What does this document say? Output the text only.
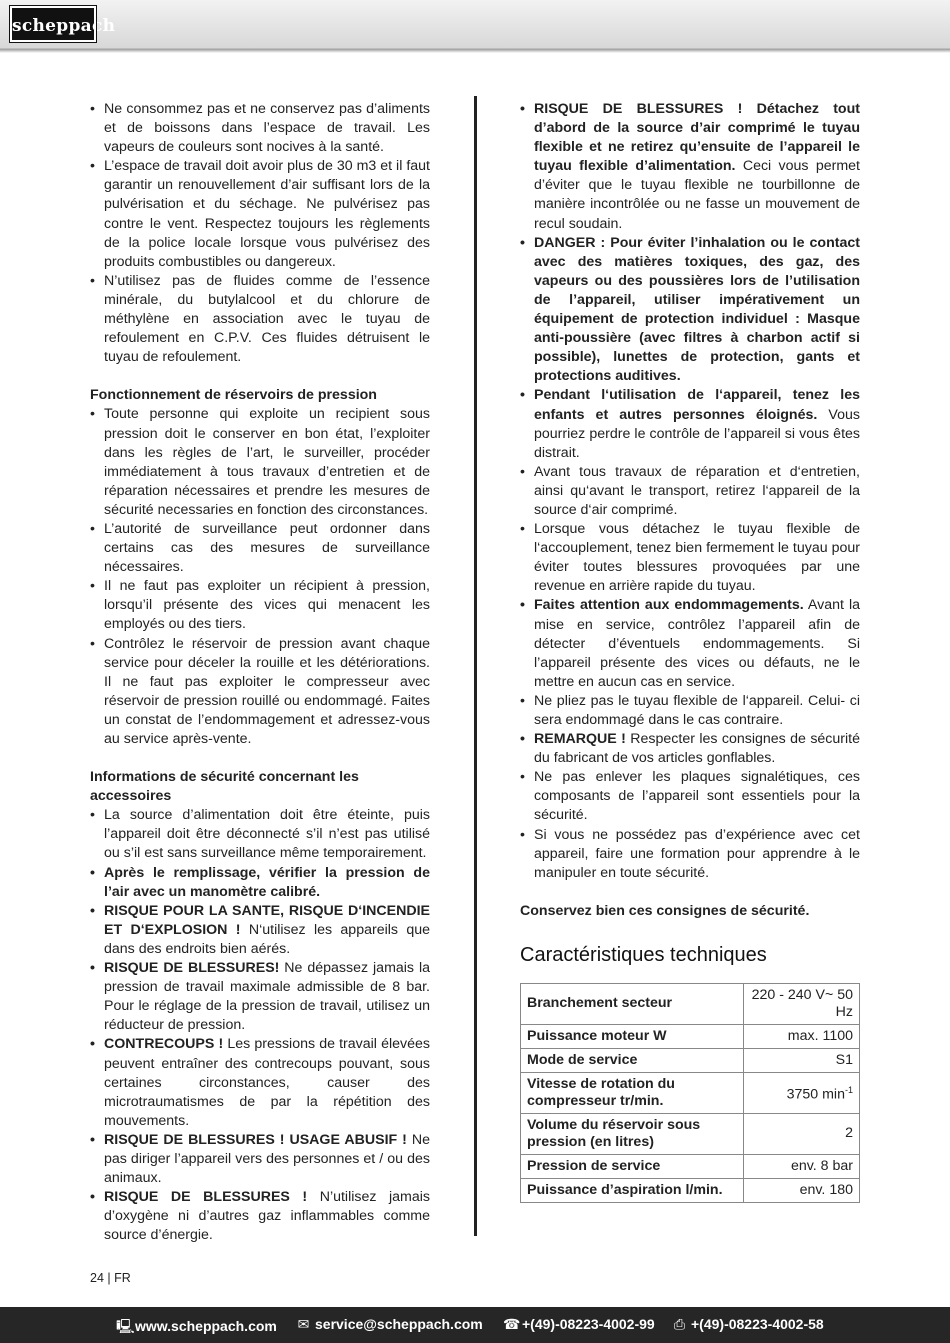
scheppach
• Ne consommez pas et ne conservez pas d’aliments et de boissons dans l’espace de travail. Les vapeurs de couleurs sont nocives à la santé.
• L’espace de travail doit avoir plus de 30 m3 et il faut garantir un renouvellement d’air suffisant lors de la pulvérisation et du séchage. Ne pulvérisez pas contre le vent. Respectez toujours les règlements de la police locale lorsque vous pulvérisez des produits combustibles ou dangereux.
• N’utilisez pas de fluides comme de l’essence minérale, du butylalcool et du chlorure de méthylène en association avec le tuyau de refoulement en C.P.V. Ces fluides détruisent le tuyau de refoulement.
Fonctionnement de réservoirs de pression
• Toute personne qui exploite un recipient sous pression doit le conserver en bon état, l’exploiter dans les règles de l’art, le surveiller, procéder immédiatement à tous travaux d’entretien et de réparation nécessaires et prendre les mesures de sécurité necessaries en fonction des circonstances.
• L’autorité de surveillance peut ordonner dans certains cas des mesures de surveillance nécessaires.
• Il ne faut pas exploiter un récipient à pression, lorsqu’il présente des vices qui menacent les employés ou des tiers.
• Contrôlez le réservoir de pression avant chaque service pour déceler la rouille et les détériorations. Il ne faut pas exploiter le compresseur avec réservoir de pression rouillé ou endommagé. Faites un constat de l’endommagement et adressez-vous au service après-vente.
Informations de sécurité concernant les accessoires
• La source d’alimentation doit être éteinte, puis l’appareil doit être déconnecté s’il n’est pas utilisé ou s’il est sans surveillance même temporairement.
• Après le remplissage, vérifier la pression de l’air avec un manomètre calibré.
• RISQUE POUR LA SANTE, RISQUE D‘INCENDIE ET D‘EXPLOSION ! N‘utilisez les appareils que dans des endroits bien aérés.
• RISQUE DE BLESSURES! Ne dépassez jamais la pression de travail maximale admissible de 8 bar. Pour le réglage de la pression de travail, utilisez un réducteur de pression.
• CONTRECOUPS ! Les pressions de travail élevées peuvent entraîner des contrecoups pouvant, sous certaines circonstances, causer des microtraumatismes de par la répétition des mouvements.
• RISQUE DE BLESSURES ! USAGE ABUSIF ! Ne pas diriger l’appareil vers des personnes et / ou des animaux.
• RISQUE DE BLESSURES ! N’utilisez jamais d’oxygène ni d’autres gaz inflammables comme source d’énergie.
• RISQUE DE BLESSURES ! Détachez tout d’abord de la source d’air comprimé le tuyau flexible et ne retirez qu’ensuite de l’appareil le tuyau flexible d’alimentation. Ceci vous permet d’éviter que le tuyau flexible ne tourbillonne de manière incontrôlée ou ne fasse un mouvement de recul soudain.
• DANGER : Pour éviter l’inhalation ou le contact avec des matières toxiques, des gaz, des vapeurs ou des poussières lors de l’utilisation de l’appareil, utiliser impérativement un équipement de protection individuel : Masque anti-poussière (avec filtres à charbon actif si possible), lunettes de protection, gants et protections auditives.
• Pendant l‘utilisation de l‘appareil, tenez les enfants et autres personnes éloignés. Vous pourriez perdre le contrôle de l’appareil si vous êtes distrait.
• Avant tous travaux de réparation et d‘entretien, ainsi qu‘avant le transport, retirez l‘appareil de la source d‘air comprimé.
• Lorsque vous détachez le tuyau flexible de l‘accouplement, tenez bien fermement le tuyau pour éviter toutes blessures provoquées par une revenue en arrière rapide du tuyau.
• Faites attention aux endommagements. Avant la mise en service, contrôlez l’appareil afin de détecter d’éventuels endommagements. Si l’appareil présente des vices ou défauts, ne le mettre en aucun cas en service.
• Ne pliez pas le tuyau flexible de l‘appareil. Celui- ci sera endommagé dans le cas contraire.
• REMARQUE ! Respecter les consignes de sécurité du fabricant de vos articles gonflables.
• Ne pas enlever les plaques signalétiques, ces composants de l’appareil sont essentiels pour la sécurité.
• Si vous ne possédez pas d’expérience avec cet appareil, faire une formation pour apprendre à le manipuler en toute sécurité.
Conservez bien ces consignes de sécurité.
Caractéristiques techniques
Branchement secteur	220 - 240 V~ 50 Hz
Puissance moteur W	max. 1100
Mode de service	S1
Vitesse de rotation du compresseur tr/min.	3750 $\min^{-1}$
Volume du réservoir sous pression (en litres)	2
Pression de service	env. 8 bar
Puissance d’aspiration l/min.	env. 180
24 | FR
🖳︎www.scheppach.com ✉︎ service@scheppach.com ☎︎ +(49)-08223-4002-99 ⎙ +(49)-08223-4002-58
